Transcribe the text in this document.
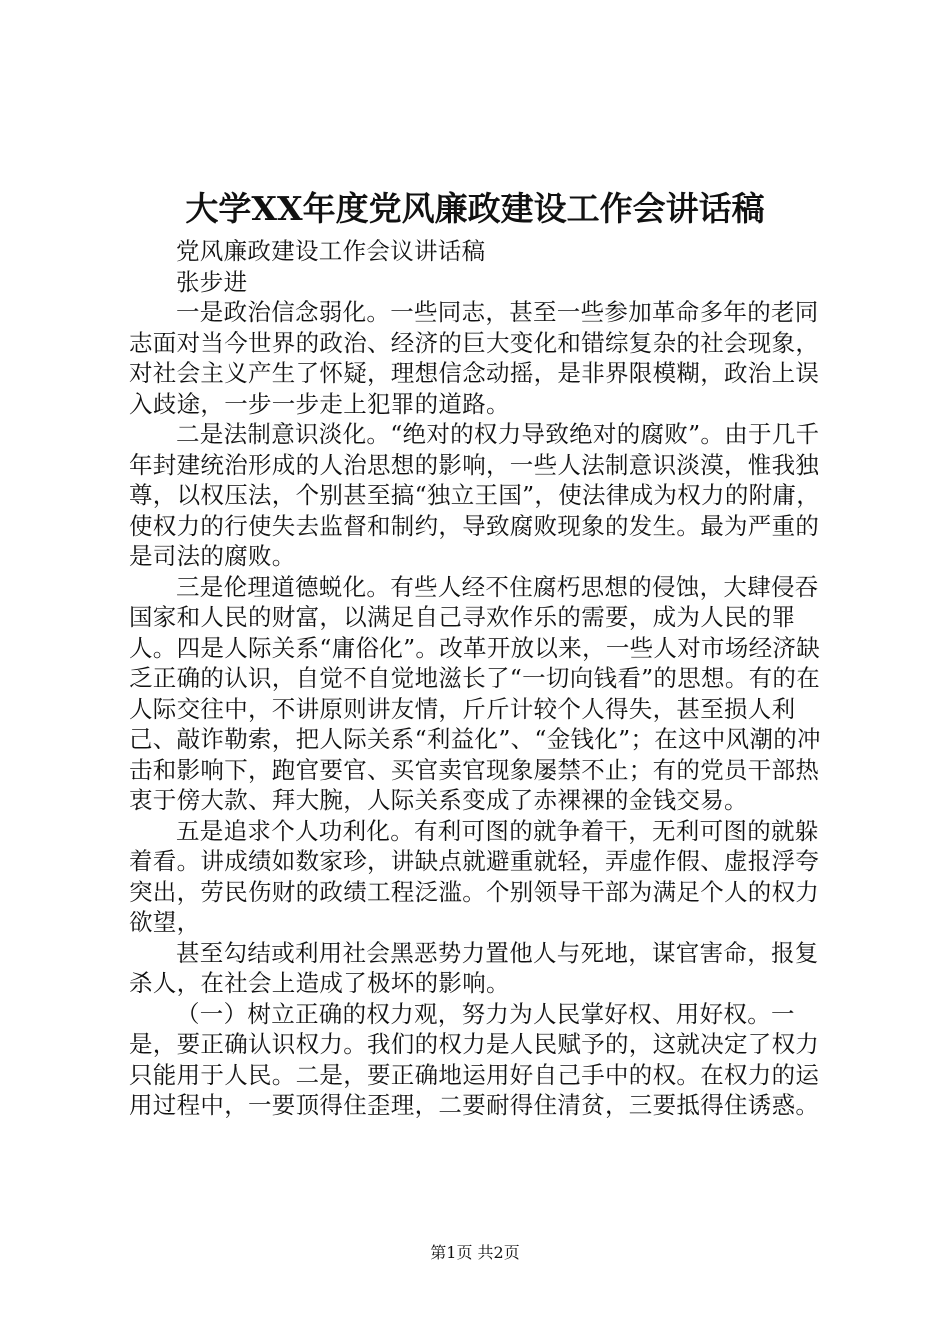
大学XX年度党风廉政建设工作会讲话稿

党风廉政建设工作会议讲话稿

张步进

一是政治信念弱化。一些同志，甚至一些参加革命多年的老同志面对当今世界的政治、经济的巨大变化和错综复杂的社会现象，对社会主义产生了怀疑，理想信念动摇，是非界限模糊，政治上误入歧途，一步一步走上犯罪的道路。

二是法制意识淡化。“绝对的权力导致绝对的腐败”。由于几千年封建统治形成的人治思想的影响，一些人法制意识淡漠，惟我独尊，以权压法，个别甚至搞“独立王国”，使法律成为权力的附庸，使权力的行使失去监督和制约，导致腐败现象的发生。最为严重的是司法的腐败。

三是伦理道德蜕化。有些人经不住腐朽思想的侵蚀，大肆侵吞国家和人民的财富，以满足自己寻欢作乐的需要，成为人民的罪人。四是人际关系“庸俗化”。改革开放以来，一些人对市场经济缺乏正确的认识，自觉不自觉地滋长了“一切向钱看”的思想。有的在人际交往中，不讲原则讲友情，斤斤计较个人得失，甚至损人利己、敲诈勒索，把人际关系“利益化”、“金钱化”；在这中风潮的冲击和影响下，跑官要官、买官卖官现象屡禁不止；有的党员干部热衷于傍大款、拜大腕，人际关系变成了赤裸裸的金钱交易。

五是追求个人功利化。有利可图的就争着干，无利可图的就躲着看。讲成绩如数家珍，讲缺点就避重就轻，弄虚作假、虚报浮夸突出，劳民伤财的政绩工程泛滥。个别领导干部为满足个人的权力欲望，

甚至勾结或利用社会黑恶势力置他人与死地，谋官害命，报复杀人，在社会上造成了极坏的影响。

（一）树立正确的权力观，努力为人民掌好权、用好权。一是，要正确认识权力。我们的权力是人民赋予的，这就决定了权力只能用于人民。二是，要正确地运用好自己手中的权。在权力的运用过程中，一要顶得住歪理，二要耐得住清贫，三要抵得住诱惑。

第1页 共2页
